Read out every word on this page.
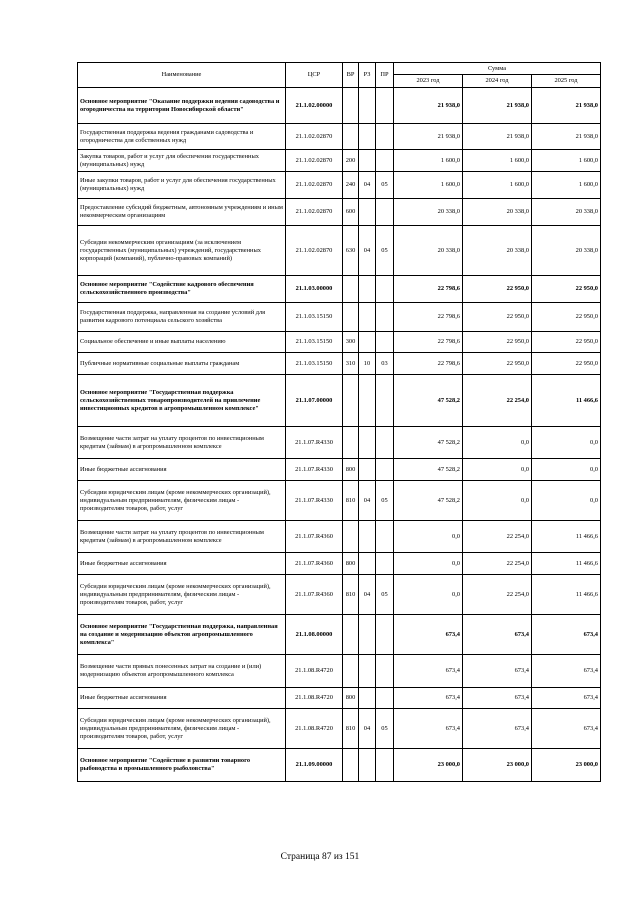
Наименование	ЦСР	ВР	РЗ	ПР	Сумма		
					2023 год	2024 год	2025 год
Основное мероприятие "Оказание поддержки ведения садоводства и огородничества на территории Новосибирской области"	21.1.02.00000				21 938,0	21 938,0	21 938,0
Государственная поддержка ведения гражданами садоводства и огородничества для собственных нужд	21.1.02.02870				21 938,0	21 938,0	21 938,0
Закупка товаров, работ и услуг для обеспечения государственных (муниципальных) нужд	21.1.02.02870	200			1 600,0	1 600,0	1 600,0
Иные закупки товаров, работ и услуг для обеспечения государственных (муниципальных) нужд	21.1.02.02870	240	04	05	1 600,0	1 600,0	1 600,0
Предоставление субсидий бюджетным, автономным учреждениям и иным некоммерческим организациям	21.1.02.02870	600			20 338,0	20 338,0	20 338,0
Субсидии некоммерческим организациям (за исключением государственных (муниципальных) учреждений, государственных корпораций (компаний), публично-правовых компаний)	21.1.02.02870	630	04	05	20 338,0	20 338,0	20 338,0
Основное мероприятие "Содействие кадрового обеспечения сельскохозяйственного производства"	21.1.03.00000				22 798,6	22 950,0	22 950,0
Государственная поддержка, направленная на создание условий для развития кадрового потенциала сельского хозяйства	21.1.03.15150				22 798,6	22 950,0	22 950,0
Социальное обеспечение и иные выплаты населению	21.1.03.15150	300			22 798,6	22 950,0	22 950,0
Публичные нормативные социальные выплаты гражданам	21.1.03.15150	310	10	03	22 798,6	22 950,0	22 950,0
Основное мероприятие "Государственная поддержка сельскохозяйственных товаропроизводителей на привлечение инвестиционных кредитов в агропромышленном комплексе"	21.1.07.00000				47 528,2	22 254,0	11 466,6
Возмещение части затрат на уплату процентов по инвестиционным кредитам (займам) в агропромышленном комплексе	21.1.07.R4330				47 528,2	0,0	0,0
Иные бюджетные ассигнования	21.1.07.R4330	800			47 528,2	0,0	0,0
Субсидии юридическим лицам (кроме некоммерческих организаций), индивидуальным предпринимателям, физическим лицам - производителям товаров, работ, услуг	21.1.07.R4330	810	04	05	47 528,2	0,0	0,0
Возмещение части затрат на уплату процентов по инвестиционным кредитам (займам) в агропромышленном комплексе	21.1.07.R4360				0,0	22 254,0	11 466,6
Иные бюджетные ассигнования	21.1.07.R4360	800			0,0	22 254,0	11 466,6
Субсидии юридическим лицам (кроме некоммерческих организаций), индивидуальным предпринимателям, физическим лицам - производителям товаров, работ, услуг	21.1.07.R4360	810	04	05	0,0	22 254,0	11 466,6
Основное мероприятие "Государственная поддержка, направленная на создание и модернизацию объектов агропромышленного комплекса"	21.1.08.00000				673,4	673,4	673,4
Возмещение части прямых понесенных затрат на создание и (или) модернизацию объектов агропромышленного комплекса	21.1.08.R4720				673,4	673,4	673,4
Иные бюджетные ассигнования	21.1.08.R4720	800			673,4	673,4	673,4
Субсидии юридическим лицам (кроме некоммерческих организаций), индивидуальным предпринимателям, физическим лицам - производителям товаров, работ, услуг	21.1.08.R4720	810	04	05	673,4	673,4	673,4
Основное мероприятие "Содействие в развитии товарного рыбоводства и промышленного рыболовства"	21.1.09.00000				23 000,0	23 000,0	23 000,0
Страница 87 из 151
